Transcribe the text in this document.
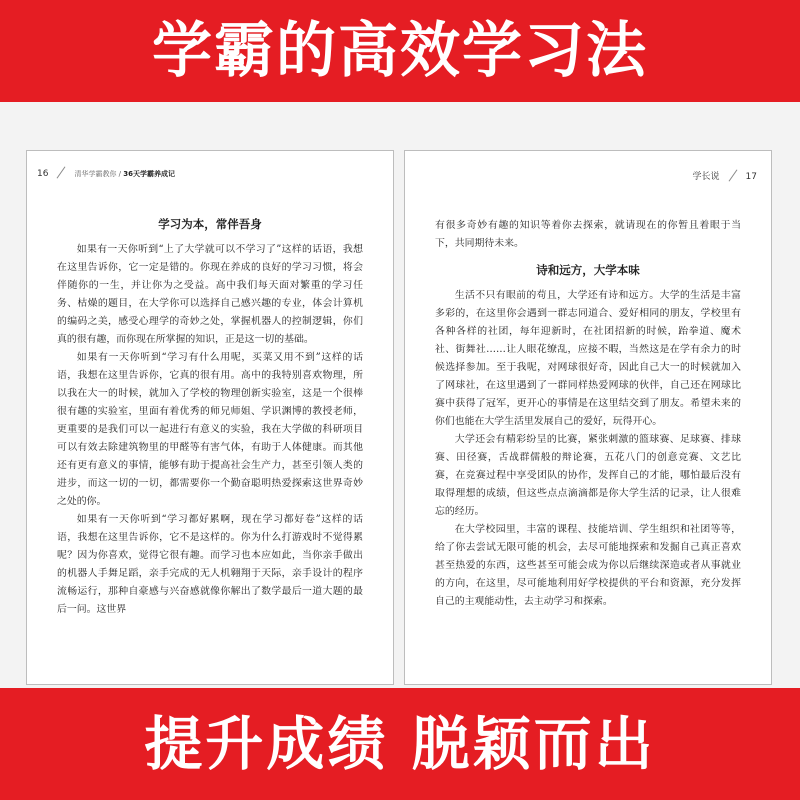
学霸的高效学习法
16	清华学霸教你 / 36天学霸养成记
学习为本，常伴吾身

如果有一天你听到“上了大学就可以不学习了”这样的话语，我想在这里告诉你，它一定是错的。你现在养成的良好的学习习惯，将会伴随你的一生，并让你为之受益。高中我们每天面对繁重的学习任务、枯燥的题目，在大学你可以选择自己感兴趣的专业，体会计算机的编码之美，感受心理学的奇妙之处，掌握机器人的控制逻辑，你们真的很有趣，而你现在所掌握的知识，正是这一切的基础。

如果有一天你听到“学习有什么用呢，买菜又用不到”这样的话语，我想在这里告诉你，它真的很有用。高中的我特别喜欢物理，所以我在大一的时候，就加入了学校的物理创新实验室，这是一个很棒很有趣的实验室，里面有着优秀的师兄师姐、学识渊博的教授老师，更重要的是我们可以一起进行有意义的实验，我在大学做的科研项目可以有效去除建筑物里的甲醛等有害气体，有助于人体健康。而其他还有更有意义的事情，能够有助于提高社会生产力，甚至引领人类的进步，而这一切的一切，都需要你一个勤奋聪明热爱探索这世界奇妙之处的你。

如果有一天你听到“学习都好累啊，现在学习都好卷”这样的话语，我想在这里告诉你，它不是这样的。你为什么打游戏时不觉得累呢？因为你喜欢，觉得它很有趣。而学习也本应如此，当你亲手做出的机器人手舞足蹈，亲手完成的无人机翱翔于天际，亲手设计的程序流畅运行，那种自豪感与兴奋感就像你解出了数学最后一道大题的最后一问。这世界

学长说	17

有很多奇妙有趣的知识等着你去探索，就请现在的你暂且着眼于当下，共同期待未来。

诗和远方，大学本味

生活不只有眼前的苟且，大学还有诗和远方。大学的生活是丰富多彩的，在这里你会遇到一群志同道合、爱好相同的朋友，学校里有各种各样的社团，每年迎新时，在社团招新的时候，跆拳道、魔术社、街舞社……让人眼花缭乱，应接不暇，当然这是在学有余力的时候选择参加。至于我呢，对网球很好奇，因此自己大一的时候就加入了网球社，在这里遇到了一群同样热爱网球的伙伴，自己还在网球比赛中获得了冠军，更开心的事情是在这里结交到了朋友。希望未来的你们也能在大学生活里发展自己的爱好，玩得开心。

大学还会有精彩纷呈的比赛，紧张刺激的篮球赛、足球赛、排球赛、田径赛，舌战群儒般的辩论赛，五花八门的创意竞赛、文艺比赛，在竞赛过程中享受团队的协作，发挥自己的才能，哪怕最后没有取得理想的成绩，但这些点点滴滴都是你大学生活的记录，让人很难忘的经历。

在大学校园里，丰富的课程、技能培训、学生组织和社团等等，给了你去尝试无限可能的机会，去尽可能地探索和发掘自己真正喜欢甚至热爱的东西，这些甚至可能会成为你以后继续深造或者从事就业的方向，在这里，尽可能地利用好学校提供的平台和资源，充分发挥自己的主观能动性，去主动学习和探索。

提升成绩 脱颖而出
